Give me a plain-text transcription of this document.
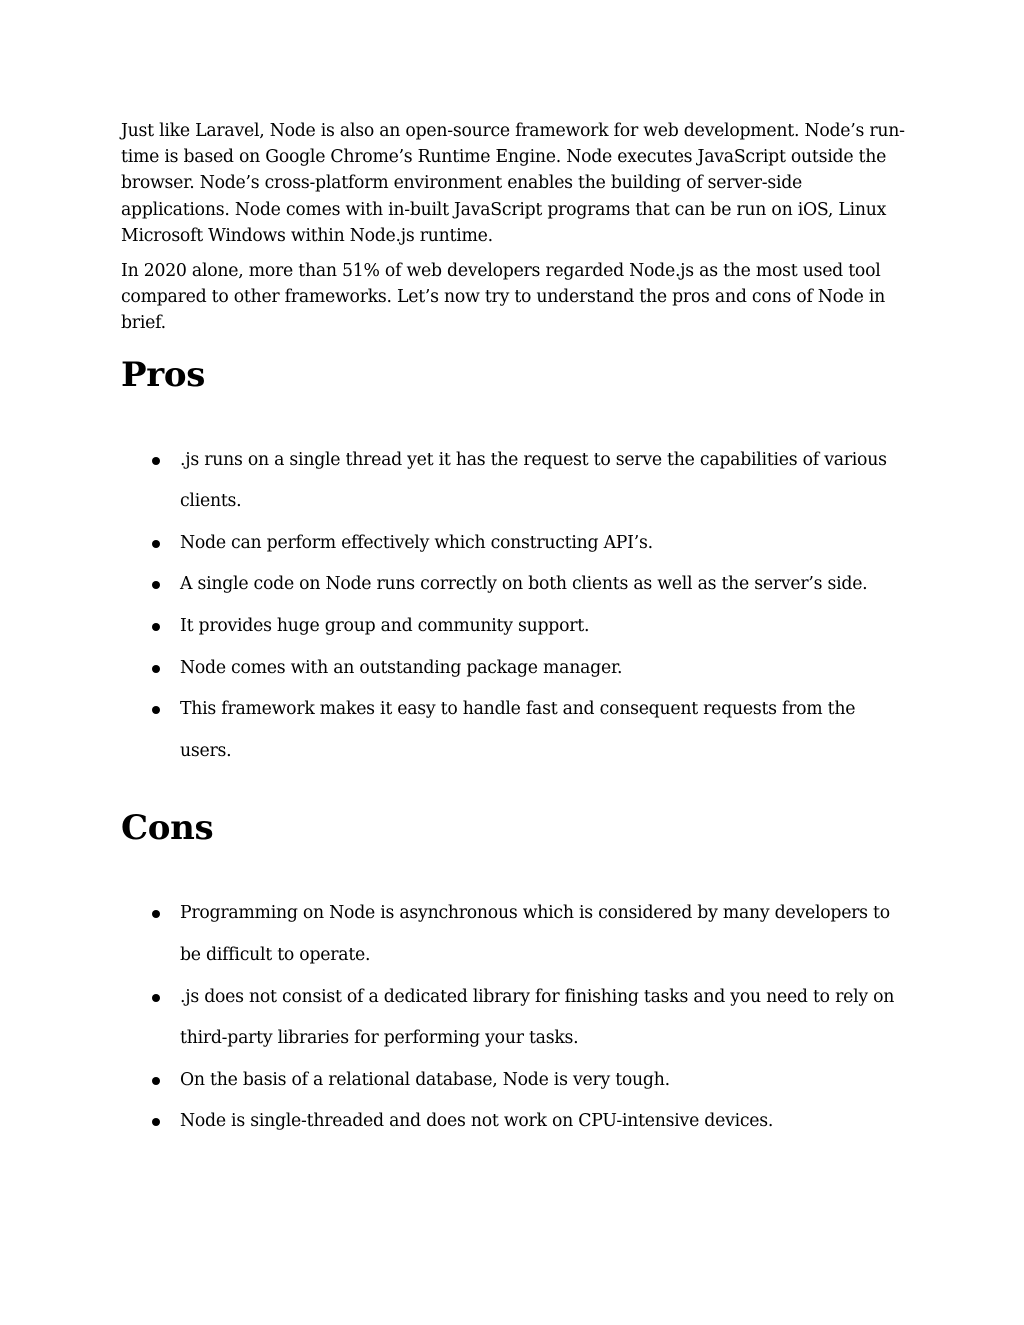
Just like Laravel, Node is also an open-source framework for web development. Node’s run-time is based on Google Chrome’s Runtime Engine. Node executes JavaScript outside the browser. Node’s cross-platform environment enables the building of server-side applications. Node comes with in-built JavaScript programs that can be run on iOS, Linux Microsoft Windows within Node.js runtime.

In 2020 alone, more than 51% of web developers regarded Node.js as the most used tool compared to other frameworks. Let’s now try to understand the pros and cons of Node in brief.

Pros
.js runs on a single thread yet it has the request to serve the capabilities of various clients.
Node can perform effectively which constructing API’s.
A single code on Node runs correctly on both clients as well as the server’s side.
It provides huge group and community support.
Node comes with an outstanding package manager.
This framework makes it easy to handle fast and consequent requests from the users.
Cons
Programming on Node is asynchronous which is considered by many developers to be difficult to operate.
.js does not consist of a dedicated library for finishing tasks and you need to rely on third-party libraries for performing your tasks.
On the basis of a relational database, Node is very tough.
Node is single-threaded and does not work on CPU-intensive devices.
